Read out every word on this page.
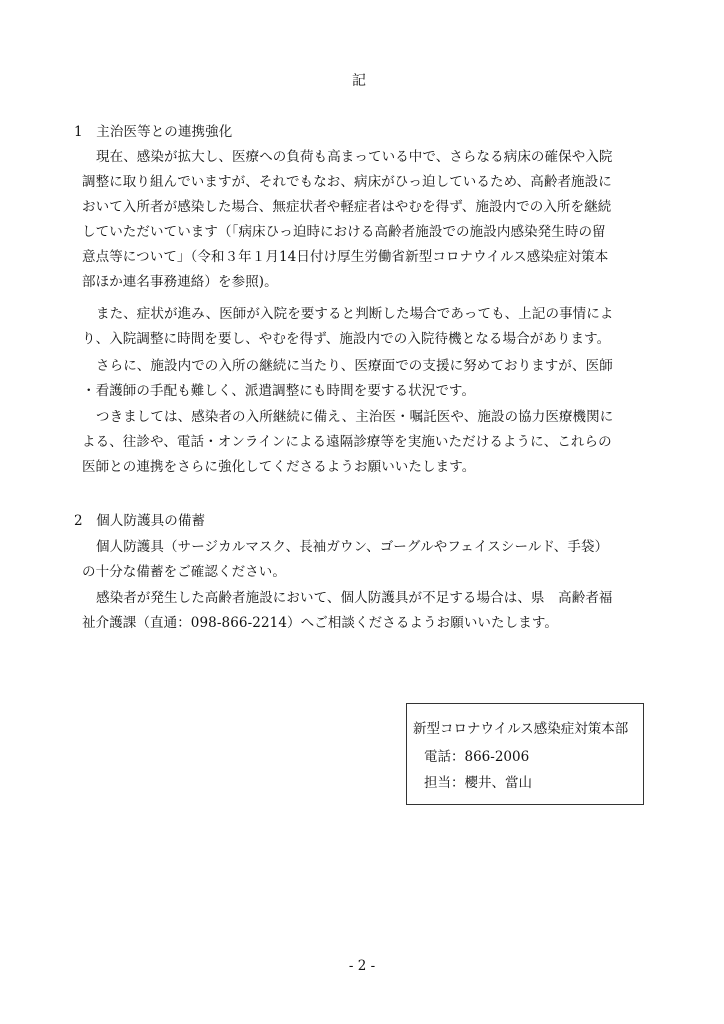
記
1　主治医等との連携強化
現在、感染が拡大し、医療への負荷も高まっている中で、さらなる病床の確保や入院
調整に取り組んでいますが、それでもなお、病床がひっ迫しているため、高齢者施設に
おいて入所者が感染した場合、無症状者や軽症者はやむを得ず、施設内での入所を継続
していただいています（「病床ひっ迫時における高齢者施設での施設内感染発生時の留
意点等について」（令和３年１月14日付け厚生労働省新型コロナウイルス感染症対策本
部ほか連名事務連絡）を参照)。
また、症状が進み、医師が入院を要すると判断した場合であっても、上記の事情によ
り、入院調整に時間を要し、やむを得ず、施設内での入院待機となる場合があります。
さらに、施設内での入所の継続に当たり、医療面での支援に努めておりますが、医師
・看護師の手配も難しく、派遣調整にも時間を要する状況です。
つきましては、感染者の入所継続に備え、主治医・嘱託医や、施設の協力医療機関に
よる、往診や、電話・オンラインによる遠隔診療等を実施いただけるように、これらの
医師との連携をさらに強化してくださるようお願いいたします。
2　個人防護具の備蓄
個人防護具（サージカルマスク、長袖ガウン、ゴーグルやフェイスシールド、手袋）
の十分な備蓄をご確認ください。
感染者が発生した高齢者施設において、個人防護具が不足する場合は、県　高齢者福
祉介護課（直通：098-866-2214）へご相談くださるようお願いいたします。
新型コロナウイルス感染症対策本部
電話：866-2006
担当：櫻井、當山
- 2 -
